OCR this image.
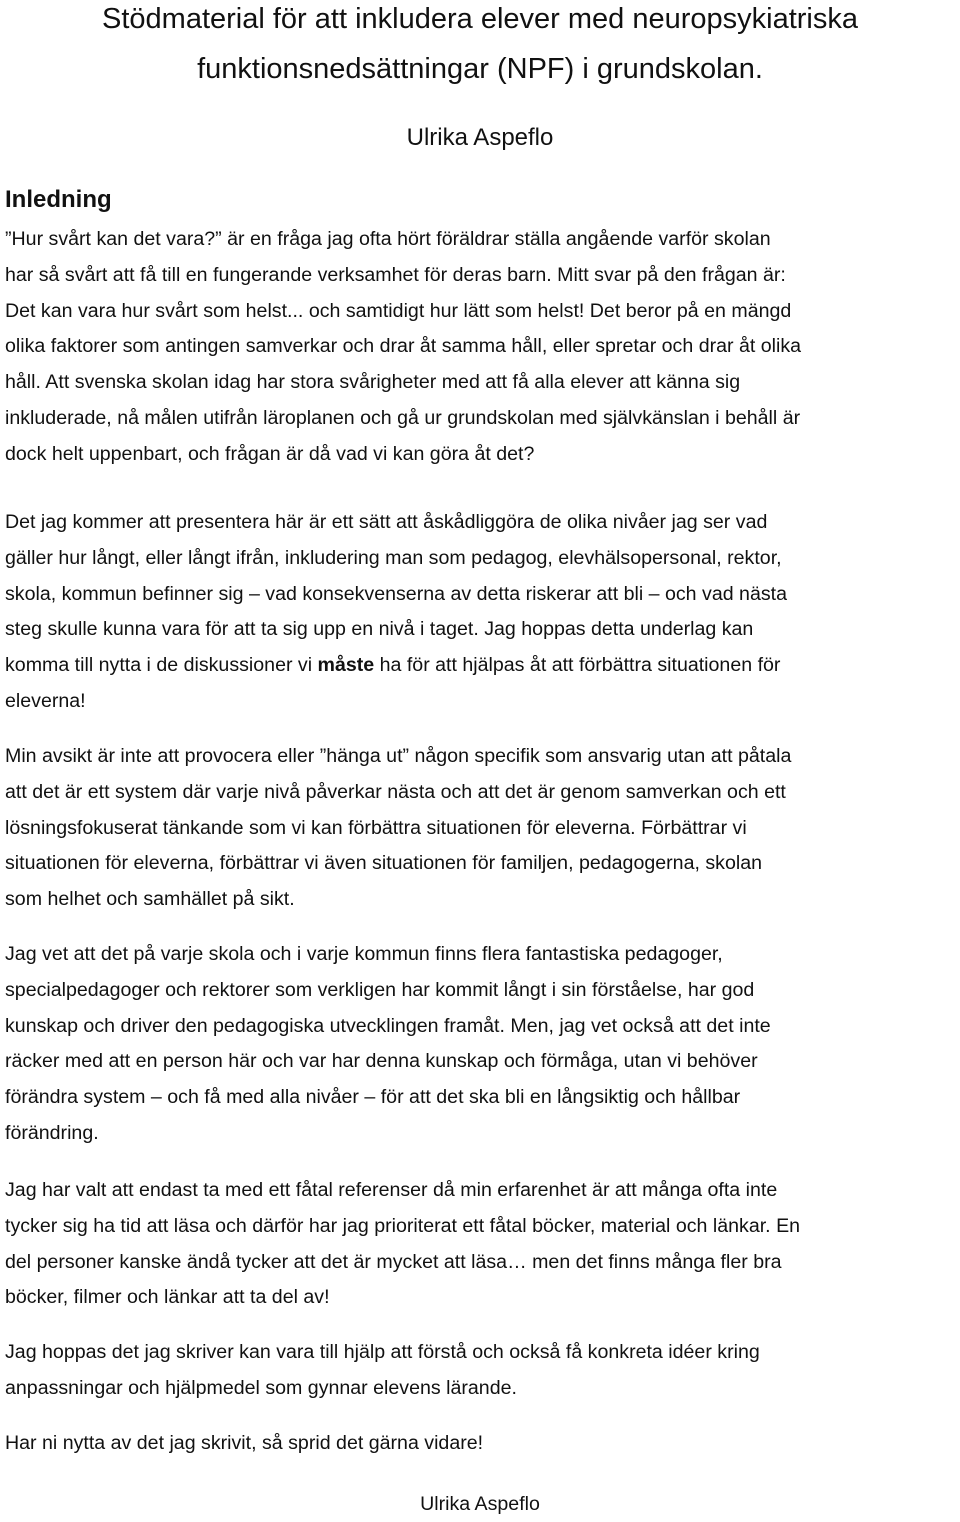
Stödmaterial för att inkludera elever med neuropsykiatriska
funktionsnedsättningar (NPF) i grundskolan.
Ulrika Aspeflo
Inledning

”Hur svårt kan det vara?” är en fråga jag ofta hört föräldrar ställa angående varför skolan
har så svårt att få till en fungerande verksamhet för deras barn. Mitt svar på den frågan är:
Det kan vara hur svårt som helst... och samtidigt hur lätt som helst! Det beror på en mängd
olika faktorer som antingen samverkar och drar åt samma håll, eller spretar och drar åt olika
håll. Att svenska skolan idag har stora svårigheter med att få alla elever att känna sig
inkluderade, nå målen utifrån läroplanen och gå ur grundskolan med självkänslan i behåll är
dock helt uppenbart, och frågan är då vad vi kan göra åt det?

Det jag kommer att presentera här är ett sätt att åskådliggöra de olika nivåer jag ser vad
gäller hur långt, eller långt ifrån, inkludering man som pedagog, elevhälsopersonal, rektor,
skola, kommun befinner sig – vad konsekvenserna av detta riskerar att bli – och vad nästa
steg skulle kunna vara för att ta sig upp en nivå i taget. Jag hoppas detta underlag kan
komma till nytta i de diskussioner vi måste ha för att hjälpas åt att förbättra situationen för
eleverna!

Min avsikt är inte att provocera eller ”hänga ut” någon specifik som ansvarig utan att påtala
att det är ett system där varje nivå påverkar nästa och att det är genom samverkan och ett
lösningsfokuserat tänkande som vi kan förbättra situationen för eleverna. Förbättrar vi
situationen för eleverna, förbättrar vi även situationen för familjen, pedagogerna, skolan
som helhet och samhället på sikt.

Jag vet att det på varje skola och i varje kommun finns flera fantastiska pedagoger,
specialpedagoger och rektorer som verkligen har kommit långt i sin förståelse, har god
kunskap och driver den pedagogiska utvecklingen framåt. Men, jag vet också att det inte
räcker med att en person här och var har denna kunskap och förmåga, utan vi behöver
förändra system – och få med alla nivåer – för att det ska bli en långsiktig och hållbar
förändring.

Jag har valt att endast ta med ett fåtal referenser då min erfarenhet är att många ofta inte
tycker sig ha tid att läsa och därför har jag prioriterat ett fåtal böcker, material och länkar. En
del personer kanske ändå tycker att det är mycket att läsa… men det finns många fler bra
böcker, filmer och länkar att ta del av!

Jag hoppas det jag skriver kan vara till hjälp att förstå och också få konkreta idéer kring
anpassningar och hjälpmedel som gynnar elevens lärande.

Har ni nytta av det jag skrivit, så sprid det gärna vidare!

Ulrika Aspeflo
